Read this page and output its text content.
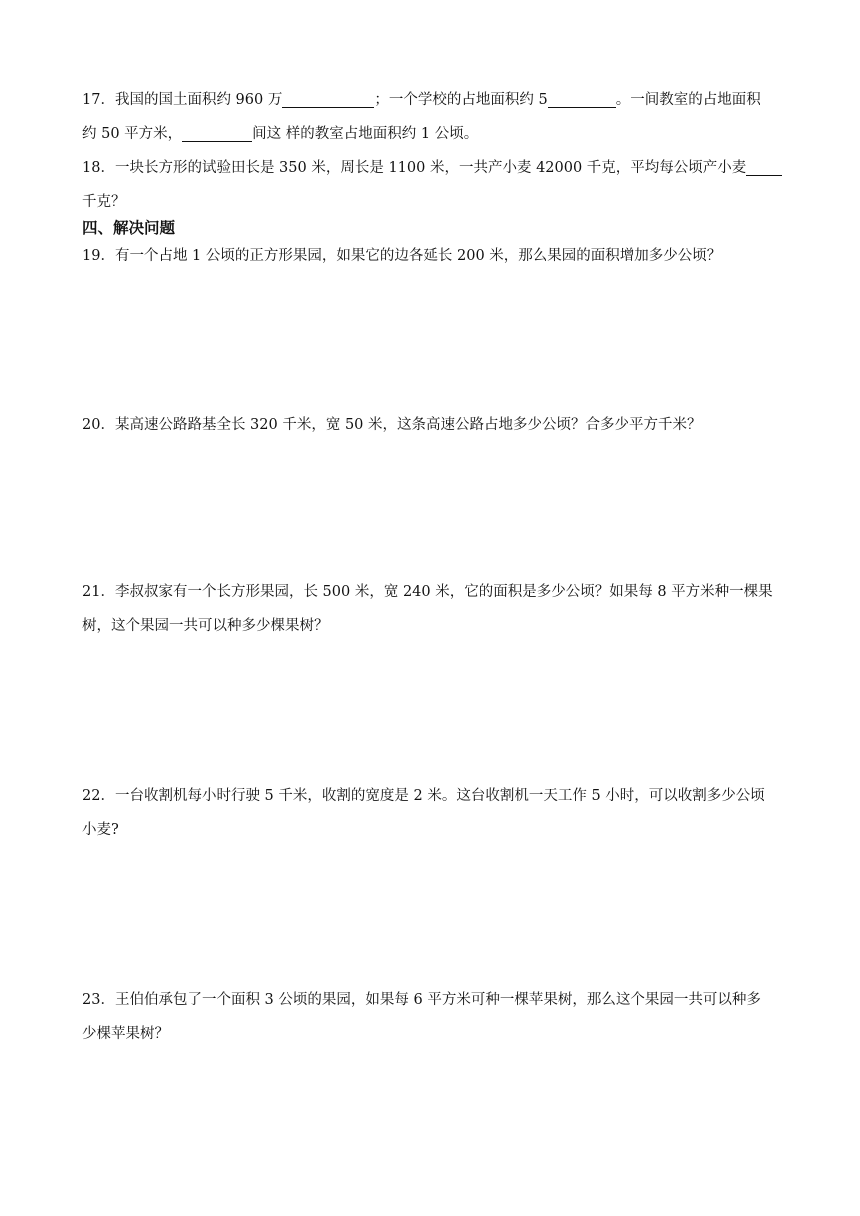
17．我国的国土面积约 960 万	；一个学校的占地面积约 5	。一间教室的占地面积
约 50 平方米，	间这 样的教室占地面积约 1 公顷。
18．一块长方形的试验田长是 350 米，周长是 1100 米，一共产小麦 42000 千克，平均每公顷产小麦
千克？
四、解决问题
19．有一个占地 1 公顷的正方形果园，如果它的边各延长 200 米，那么果园的面积增加多少公顷？
20．某高速公路路基全长 320 千米，宽 50 米，这条高速公路占地多少公顷？合多少平方千米？
21．李叔叔家有一个长方形果园，长 500 米，宽 240 米，它的面积是多少公顷？如果每 8 平方米种一棵果
树，这个果园一共可以种多少棵果树？
22．一台收割机每小时行驶 5 千米，收割的宽度是 2 米。这台收割机一天工作 5 小时，可以收割多少公顷
小麦?
23．王伯伯承包了一个面积 3 公顷的果园，如果每 6 平方米可种一棵苹果树，那么这个果园一共可以种多
少棵苹果树？
